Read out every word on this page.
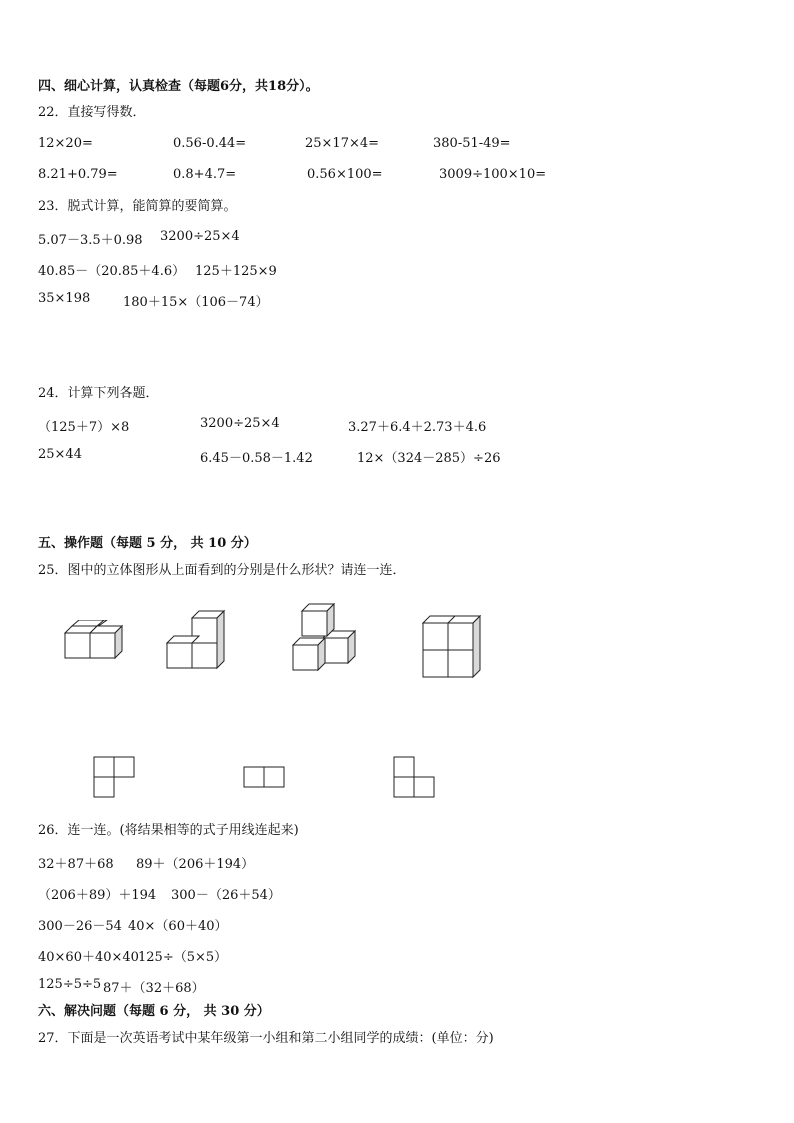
四、细心计算，认真检查（每题6分，共18分）。
22．直接写得数．
12×20=	0.56-0.44=	25×17×4=	380-51-49=
8.21+0.79=	0.8+4.7=	0.56×100=	3009÷100×10=
23．脱式计算，能简算的要简算。
5.07－3.5＋0.98 3200÷25×4
40.85－（20.85＋4.6） 125＋125×9
35×198	180＋15×（106－74）
24．计算下列各题．
（125＋7）×8	3200÷25×4	3.27＋6.4＋2.73＋4.6
25×44	6.45－0.58－1.42	12×（324－285）÷26
五、操作题（每题 5 分， 共 10 分）
25．图中的立体图形从上面看到的分别是什么形状？请连一连．
26．连一连。(将结果相等的式子用线连起来)
32＋87＋68 89＋（206＋194）
（206＋89）＋194 300－（26＋54）
300－26－54 40×（60＋40）
40×60＋40×40 125÷（5×5）
125÷5÷5 87＋（32＋68）
六、解决问题（每题 6 分， 共 30 分）
27．下面是一次英语考试中某年级第一小组和第二小组同学的成绩：(单位：分)
